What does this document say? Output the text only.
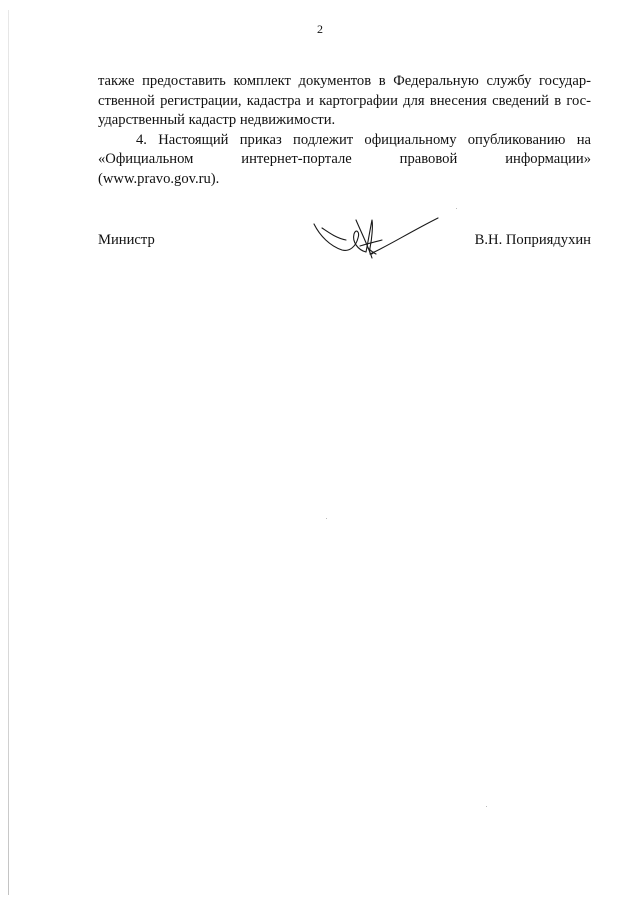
2
также предоставить комплект документов в Федеральную службу государ-
ственной регистрации, кадастра и картографии для внесения сведений в гос-
ударственный кадастр недвижимости.
4. Настоящий приказ подлежит официальному опубликованию на
«Официальном интернет-портале правовой информации»
(www.pravo.gov.ru).
Министр	В.Н. Поприядухин
